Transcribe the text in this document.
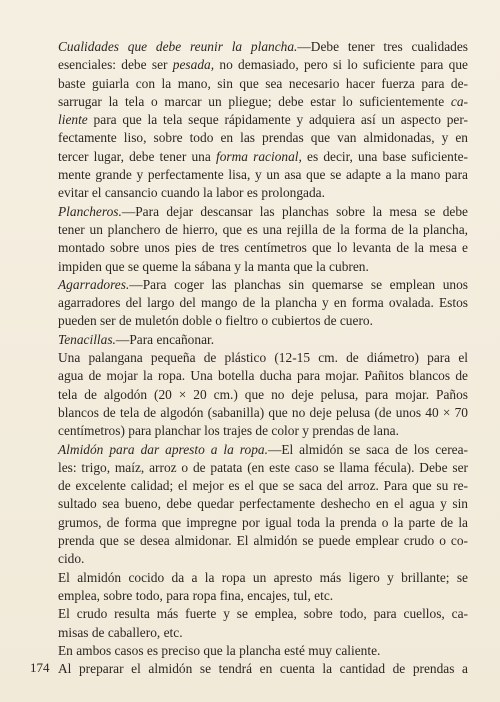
Cualidades que debe reunir la plancha.—Debe tener tres cualidades
esenciales: debe ser pesada, no demasiado, pero si lo suficiente para que
baste guiarla con la mano, sin que sea necesario hacer fuerza para de-
sarrugar la tela o marcar un pliegue; debe estar lo suficientemente ca-
liente para que la tela seque rápidamente y adquiera así un aspecto per-
fectamente liso, sobre todo en las prendas que van almidonadas, y en
tercer lugar, debe tener una forma racional, es decir, una base suficiente-
mente grande y perfectamente lisa, y un asa que se adapte a la mano para
evitar el cansancio cuando la labor es prolongada.
Plancheros.—Para dejar descansar las planchas sobre la mesa se debe
tener un planchero de hierro, que es una rejilla de la forma de la plancha,
montado sobre unos pies de tres centímetros que lo levanta de la mesa e
impiden que se queme la sábana y la manta que la cubren.
Agarradores.—Para coger las planchas sin quemarse se emplean unos
agarradores del largo del mango de la plancha y en forma ovalada. Estos
pueden ser de muletón doble o fieltro o cubiertos de cuero.
Tenacillas.—Para encañonar.
Una palangana pequeña de plástico (12-15 cm. de diámetro) para el
agua de mojar la ropa. Una botella ducha para mojar. Pañitos blancos de
tela de algodón (20 × 20 cm.) que no deje pelusa, para mojar. Paños
blancos de tela de algodón (sabanilla) que no deje pelusa (de unos 40 × 70
centímetros) para planchar los trajes de color y prendas de lana.
Almidón para dar apresto a la ropa.—El almidón se saca de los cerea-
les: trigo, maíz, arroz o de patata (en este caso se llama fécula). Debe ser
de excelente calidad; el mejor es el que se saca del arroz. Para que su re-
sultado sea bueno, debe quedar perfectamente deshecho en el agua y sin
grumos, de forma que impregne por igual toda la prenda o la parte de la
prenda que se desea almidonar. El almidón se puede emplear crudo o co-
cido.
El almidón cocido da a la ropa un apresto más ligero y brillante; se
emplea, sobre todo, para ropa fina, encajes, tul, etc.
El crudo resulta más fuerte y se emplea, sobre todo, para cuellos, ca-
misas de caballero, etc.
En ambos casos es preciso que la plancha esté muy caliente.
Al preparar el almidón se tendrá en cuenta la cantidad de prendas a
174
